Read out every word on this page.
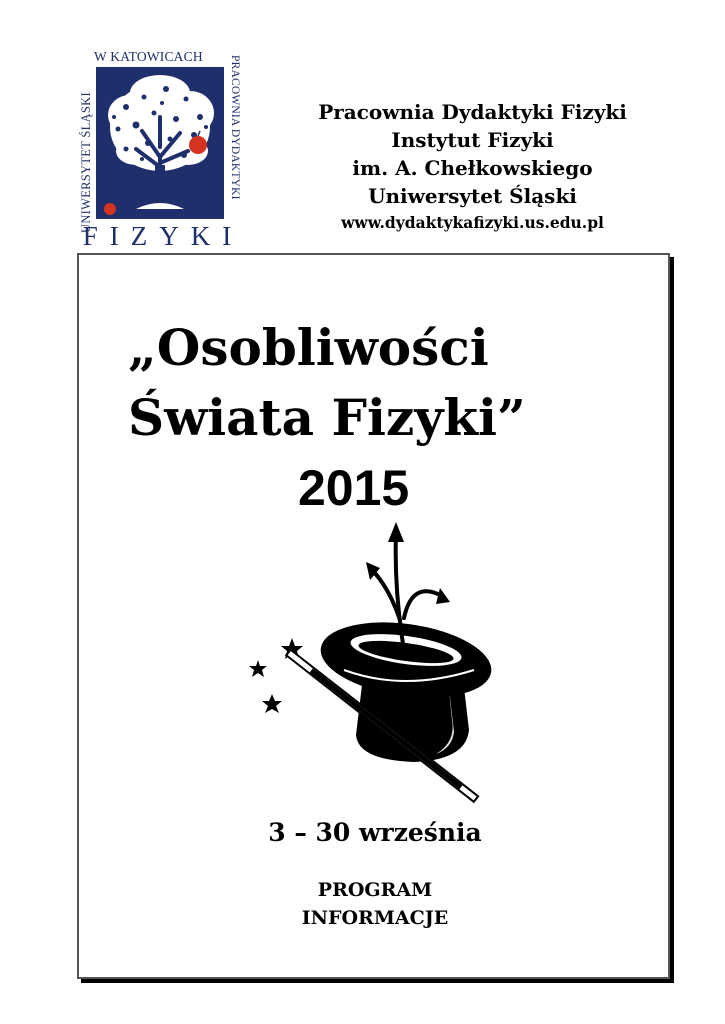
W KATOWICACH
UNIWERSYTET ŚLĄSKI	PRACOWNIA DYDAKTYKI
FIZYKI
Pracownia Dydaktyki Fizyki
Instytut Fizyki
im. A. Chełkowskiego
Uniwersytet Śląski
www.dydaktykafizyki.us.edu.pl
„Osobliwości
Świata Fizyki”
2015
3 – 30 września
PROGRAM
INFORMACJE
